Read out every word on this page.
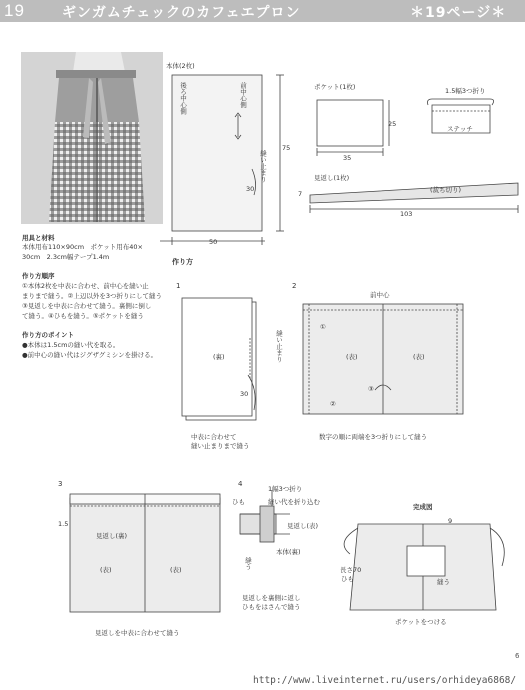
19	ギンガムチェックのカフェエプロン	＊19ページ＊
用具と材料
本体用布110×90cm　ポケット用布40×
30cm　2.3cm幅テープ1.4m
作り方順序
①本体2枚を中表に合わせ、前中心を縫い止
まりまで縫う。②上辺以外を3つ折りにして縫う
③見返しを中表に合わせて縫う。裏側に倒し
て縫う。④ひもを縫う。⑤ポケットを縫う
作り方のポイント
●本体は1.5cmの縫い代を取る。
●前中心の縫い代はジグザグミシンを掛ける。
本体(2枚)
後ろ中心側	前中心側
縫い止まり
30
50
75
ポケット(1枚)
25
35
1.5幅3つ折り
ステッチ
見返し(1枚)
7	(裁ち切り)
103
作り方
1
(裏)	縫い止まり
30
中表に合わせて
縫い止まりまで縫う
2
前中心
(表)	(表)
①
②
③
数字の順に両端を3つ折りにして縫う
3
1.5
見返し(裏)
(表)	(表)
見返しを中表に合わせて縫う
4
1幅3つ折り
ひも	縫い代を折り込む
見返し(表)
本体(裏)
縫う
見返しを裏側に返し
ひもをはさんで縫う
完成図
9
長さ70
ひも	縫う
ポケットをつける
6
http://www.liveinternet.ru/users/orhideya6868/
